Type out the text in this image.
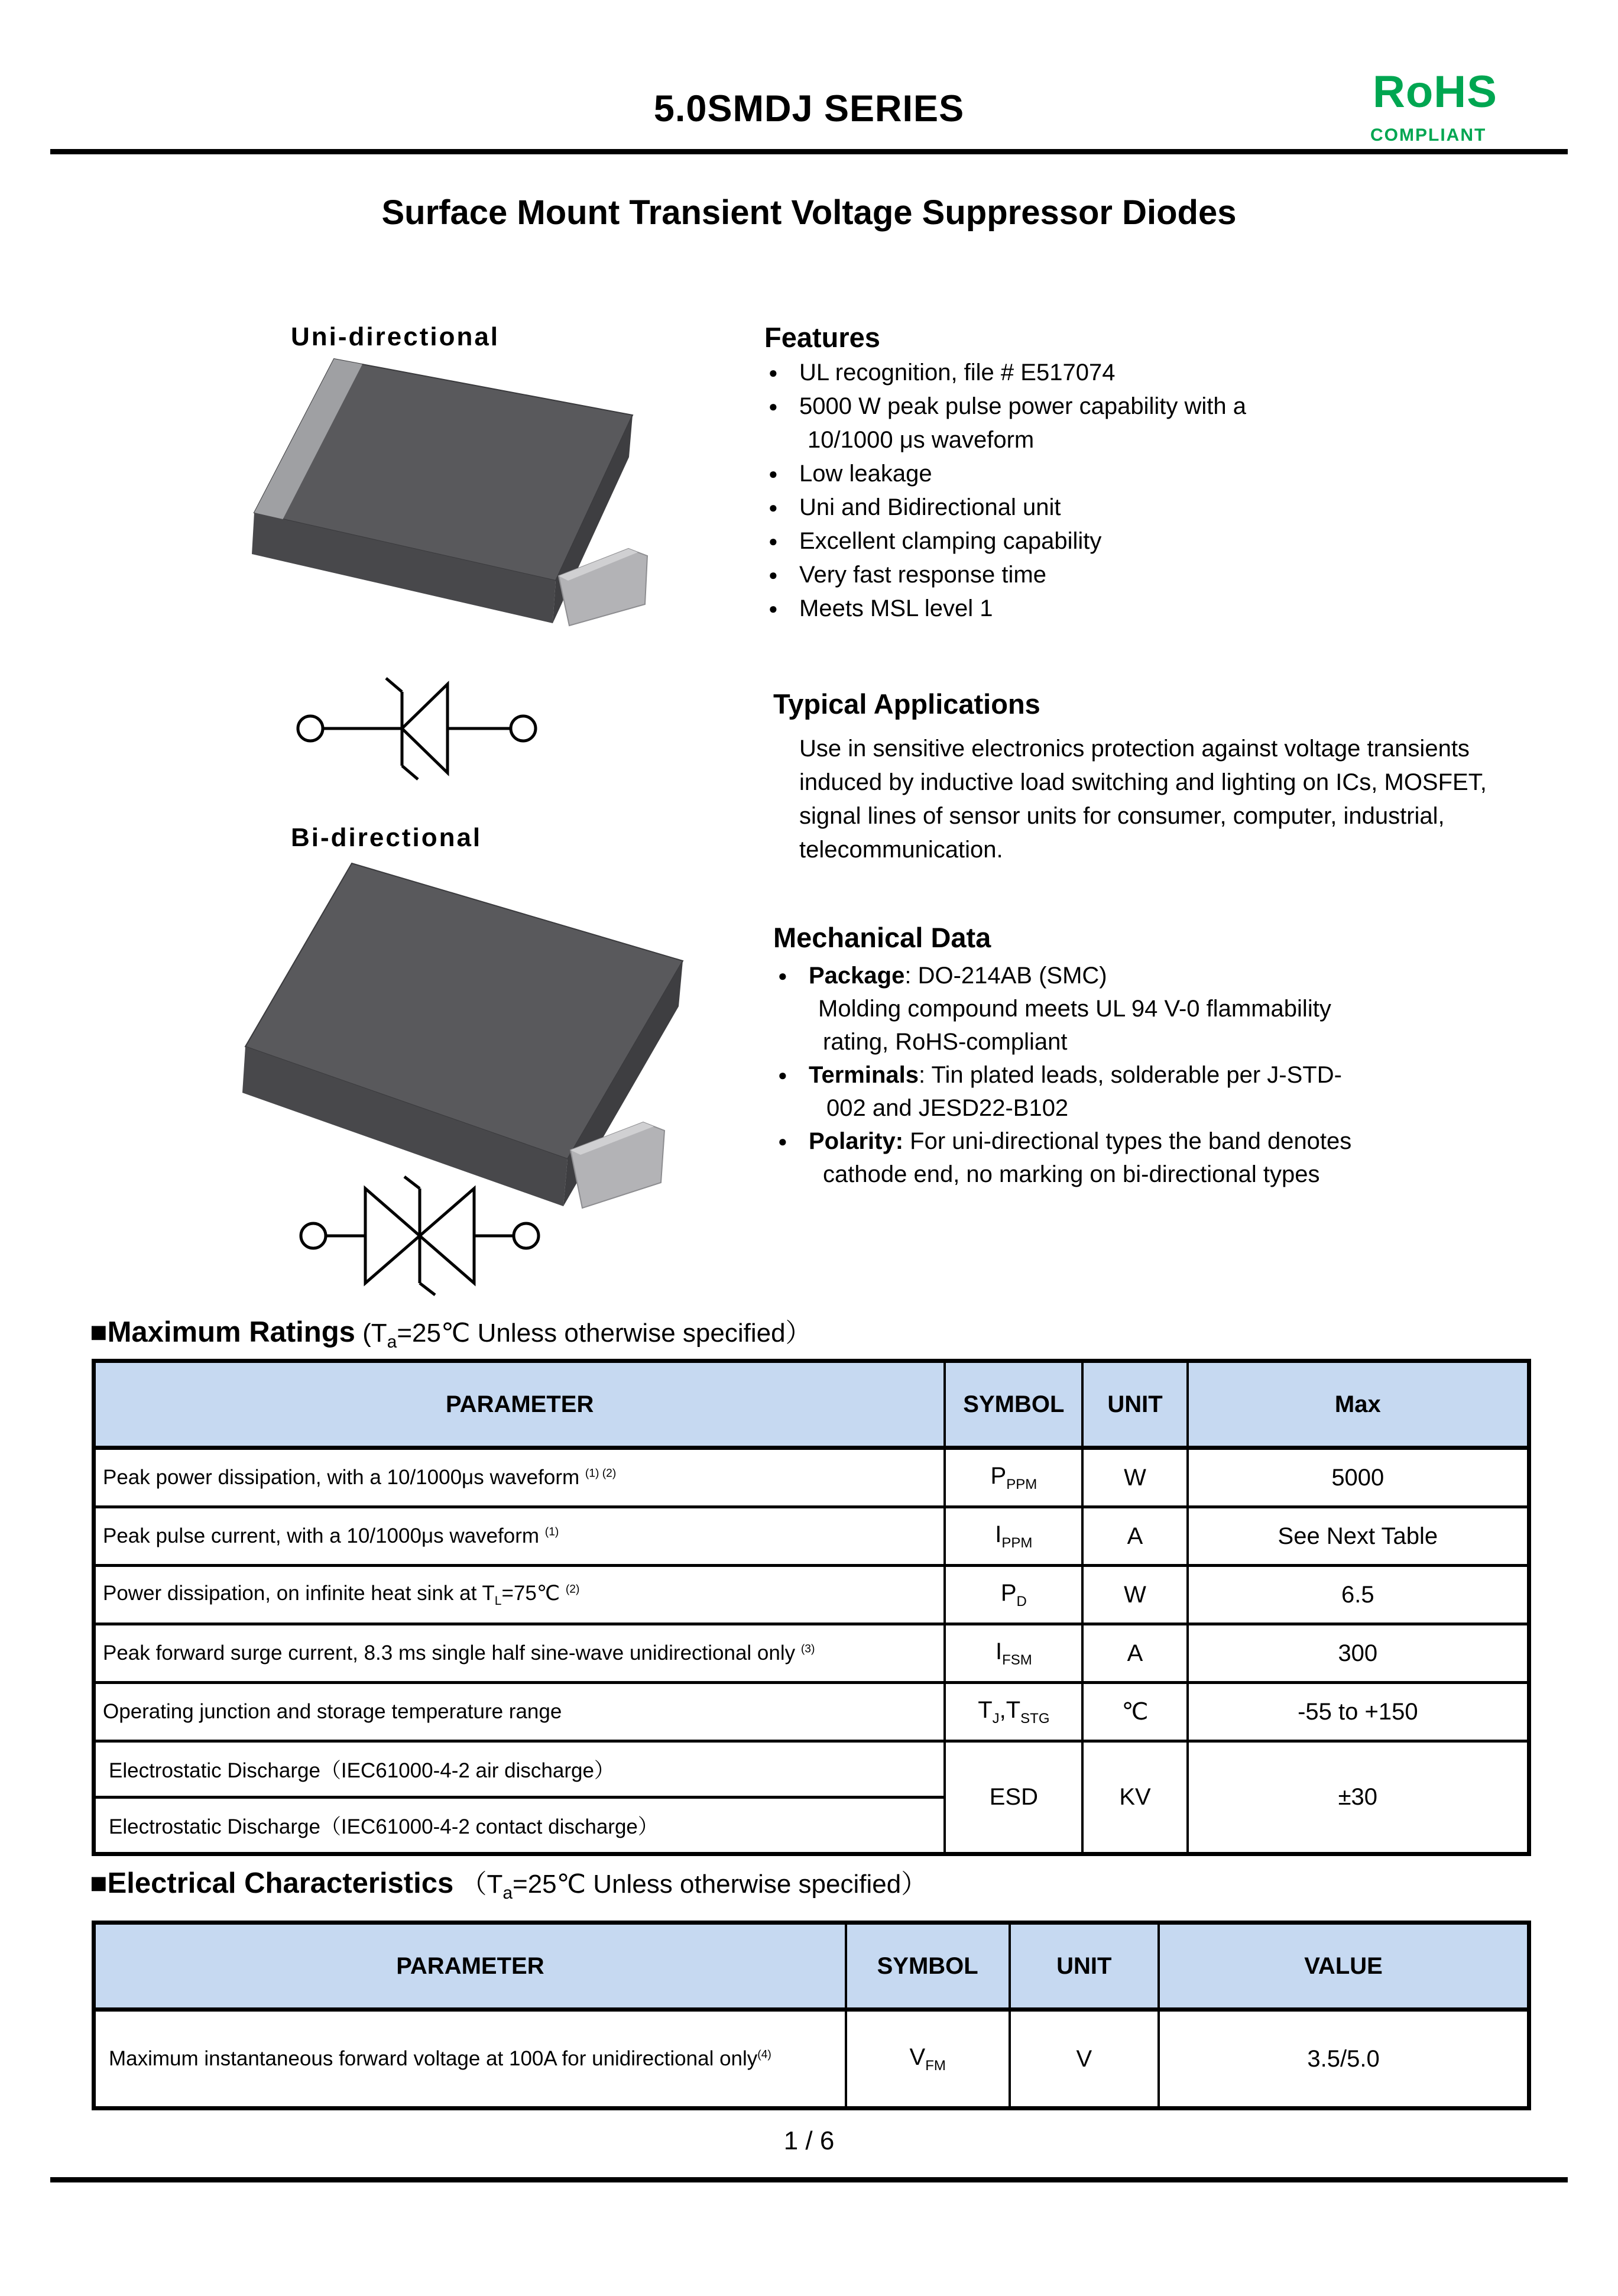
5.0SMDJ SERIES	RoHS
COMPLIANT
Surface Mount Transient Voltage Suppressor Diodes
Uni-directional
Bi-directional
Features
● UL recognition, file # E517074
● 5000 W peak pulse power capability with a
10/1000 μs waveform
● Low leakage
● Uni and Bidirectional unit
● Excellent clamping capability
● Very fast response time
● Meets MSL level 1
Typical Applications
Use in sensitive electronics protection against voltage transients
induced by inductive load switching and lighting on ICs, MOSFET,
signal lines of sensor units for consumer, computer, industrial,
telecommunication.
Mechanical Data
● Package: DO-214AB (SMC)
Molding compound meets UL 94 V-0 flammability
rating, RoHS-compliant
● Terminals: Tin plated leads, solderable per J-STD-
002 and JESD22-B102
● Polarity: For uni-directional types the band denotes
cathode end, no marking on bi-directional types
■Maximum Ratings ($T_a=25℃$ Unless otherwise specified）
PARAMETER	SYMBOL	UNIT	Max
Peak power dissipation, with a 10/1000μs waveform $^{(1) (2)}$	$P_{PPM}$	W	5000
Peak pulse current, with a 10/1000μs waveform $^{(1)}$	$I_{PPM}$	A	See Next Table
Power dissipation, on infinite heat sink at $T_L=75℃$ $^{(2)}$	$P_D$	W	6.5
Peak forward surge current, 8.3 ms single half sine-wave unidirectional only $^{(3)}$	$I_{FSM}$	A	300
Operating junction and storage temperature range	$T_J,T_{STG}$	℃	-55 to +150
Electrostatic Discharge（IEC61000-4-2 air discharge）	ESD	KV	±30
Electrostatic Discharge（IEC61000-4-2 contact discharge）			
■Electrical Characteristics （$T_a=25℃$ Unless otherwise specified）
PARAMETER	SYMBOL	UNIT	VALUE
Maximum instantaneous forward voltage at 100A for unidirectional only$^{(4)}$	$V_{FM}$	V	3.5/5.0
1 / 6
